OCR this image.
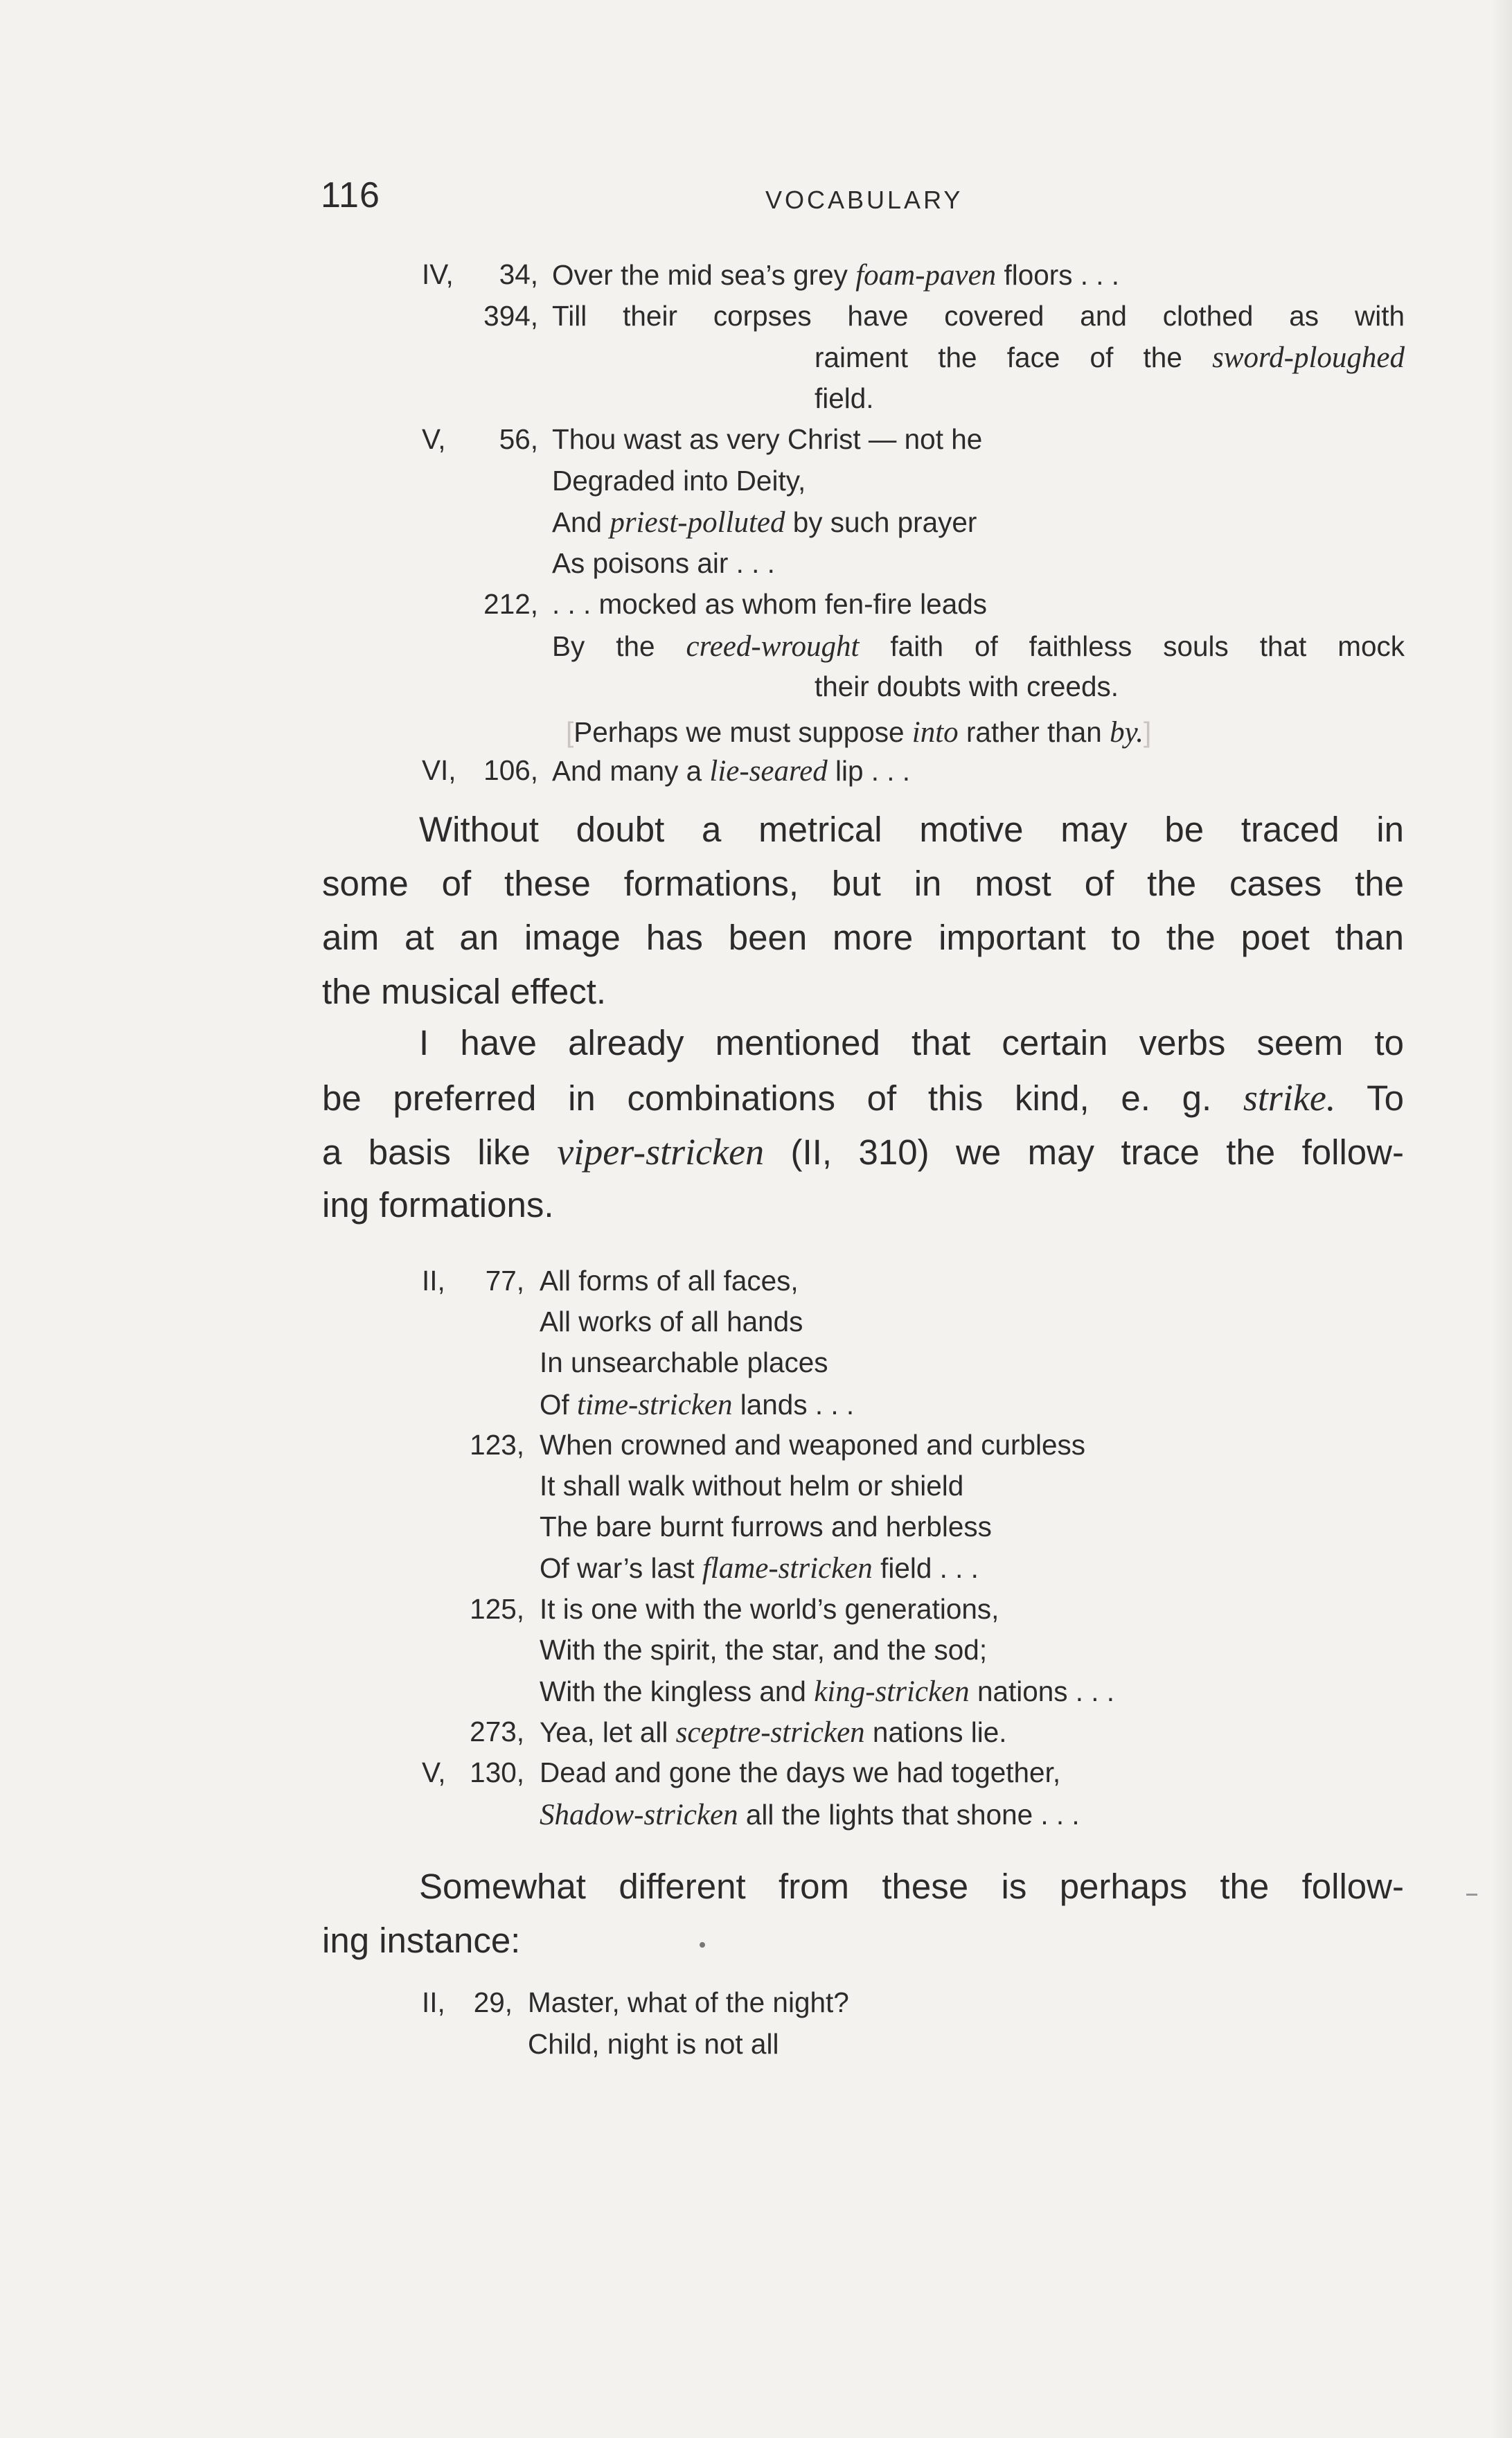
116	VOCABULARY
IV,	34, Over the mid sea’s grey foam-paven floors . . .
394, Till their corpses have covered and clothed as with
raiment the face of the sword-ploughed
field.
V,	56, Thou wast as very Christ — not he
Degraded into Deity,
And priest-polluted by such prayer
As poisons air . . .
212, . . . mocked as whom fen-fire leads
By the creed-wrought faith of faithless souls that mock
their doubts with creeds.
[Perhaps we must suppose into rather than by.]
VI, 106, And many a lie-seared lip . . .
Without doubt a metrical motive may be traced in
some of these formations, but in most of the cases the
aim at an image has been more important to the poet than
the musical effect.
I have already mentioned that certain verbs seem to
be preferred in combinations of this kind, e. g. strike. To
a basis like viper-stricken (II, 310) we may trace the follow-
ing formations.
II,	77, All forms of all faces,
All works of all hands
In unsearchable places
Of time-stricken lands . . .
123, When crowned and weaponed and curbless
It shall walk without helm or shield
The bare burnt furrows and herbless
Of war’s last flame-stricken field . . .
125, It is one with the world’s generations,
With the spirit, the star, and the sod;
With the kingless and king-stricken nations . . .
273, Yea, let all sceptre-stricken nations lie.
V, 130, Dead and gone the days we had together,
Shadow-stricken all the lights that shone . . .
Somewhat different from these is perhaps the follow-
ing instance:
II,	29, Master, what of the night?
Child, night is not all
